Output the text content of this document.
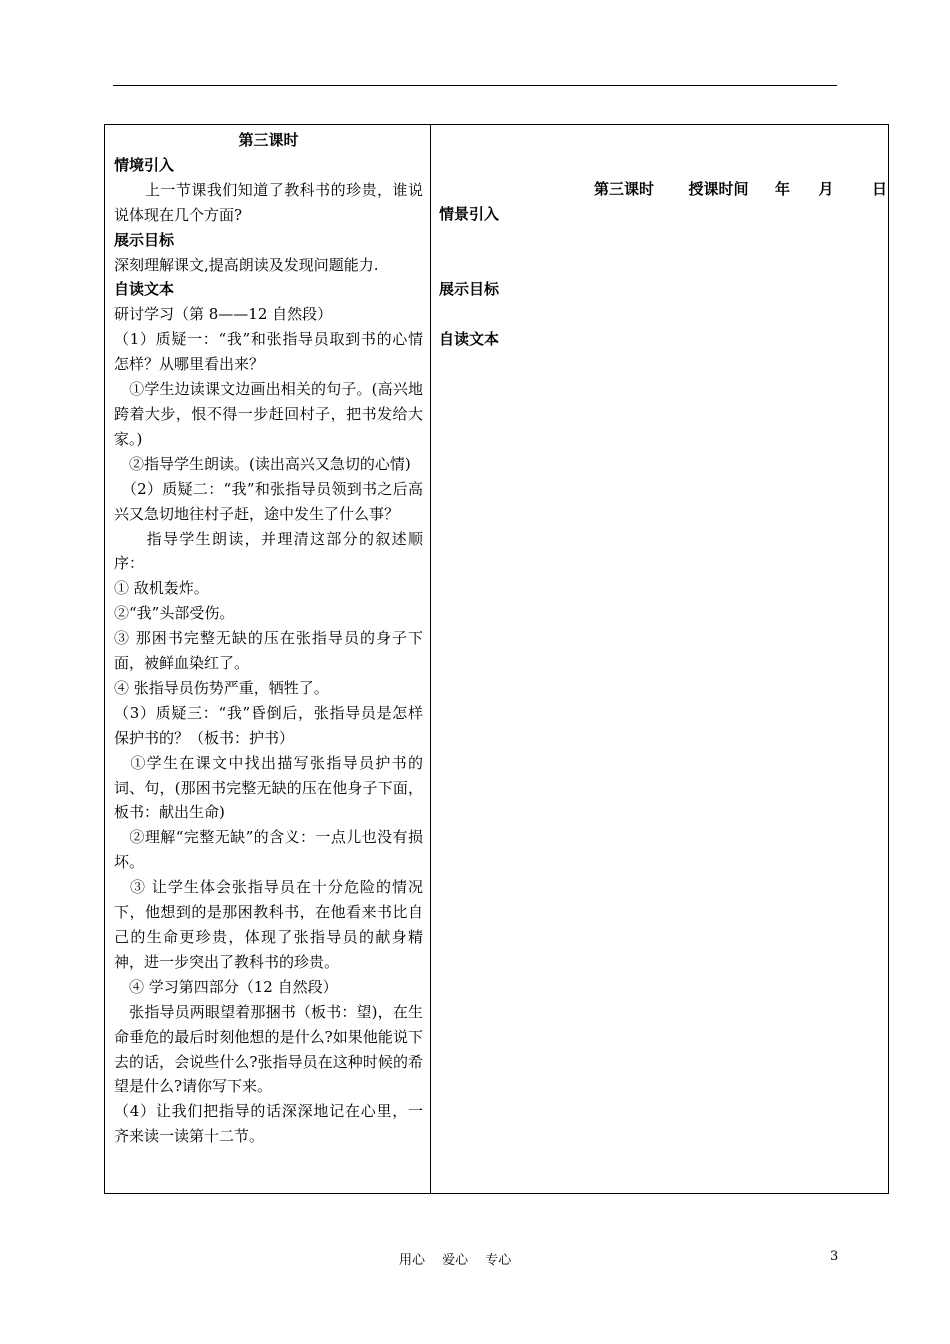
第三课时

情境引入

　　上一节课我们知道了教科书的珍贵，谁说说体现在几个方面?

展示目标

深刻理解课文,提高朗读及发现问题能力.

自读文本

研讨学习（第 8——12 自然段）

（1）质疑一：“我”和张指导员取到书的心情怎样？从哪里看出来？

　①学生边读课文边画出相关的句子。(高兴地跨着大步，恨不得一步赶回村子，把书发给大家。)

　②指导学生朗读。(读出高兴又急切的心情)

　（2）质疑二：“我”和张指导员领到书之后高兴又急切地往村子赶，途中发生了什么事？

　　指导学生朗读，并理清这部分的叙述顺序：

① 敌机轰炸。

②“我”头部受伤。

③ 那困书完整无缺的压在张指导员的身子下面，被鲜血染红了。

④ 张指导员伤势严重，牺牲了。

（3）质疑三：“我”昏倒后，张指导员是怎样保护书的？（板书：护书）

　①学生在课文中找出描写张指导员护书的词、句，(那困书完整无缺的压在他身子下面，板书：献出生命)

　②理解“完整无缺”的含义：一点儿也没有损坏。

　③ 让学生体会张指导员在十分危险的情况下，他想到的是那困教科书，在他看来书比自己的生命更珍贵，体现了张指导员的献身精神，进一步突出了教科书的珍贵。

　④ 学习第四部分（12 自然段）

　张指导员两眼望着那捆书（板书：望)，在生命垂危的最后时刻他想的是什么?如果他能说下去的话，会说些什么?张指导员在这种时候的希望是什么?请你写下来。

（4）让我们把指导的话深深地记在心里，一齐来读一读第十二节。

第三课时 授课时间 年 月	日
情景引入
展示目标
自读文本
用心　 爱心　 专心	3
